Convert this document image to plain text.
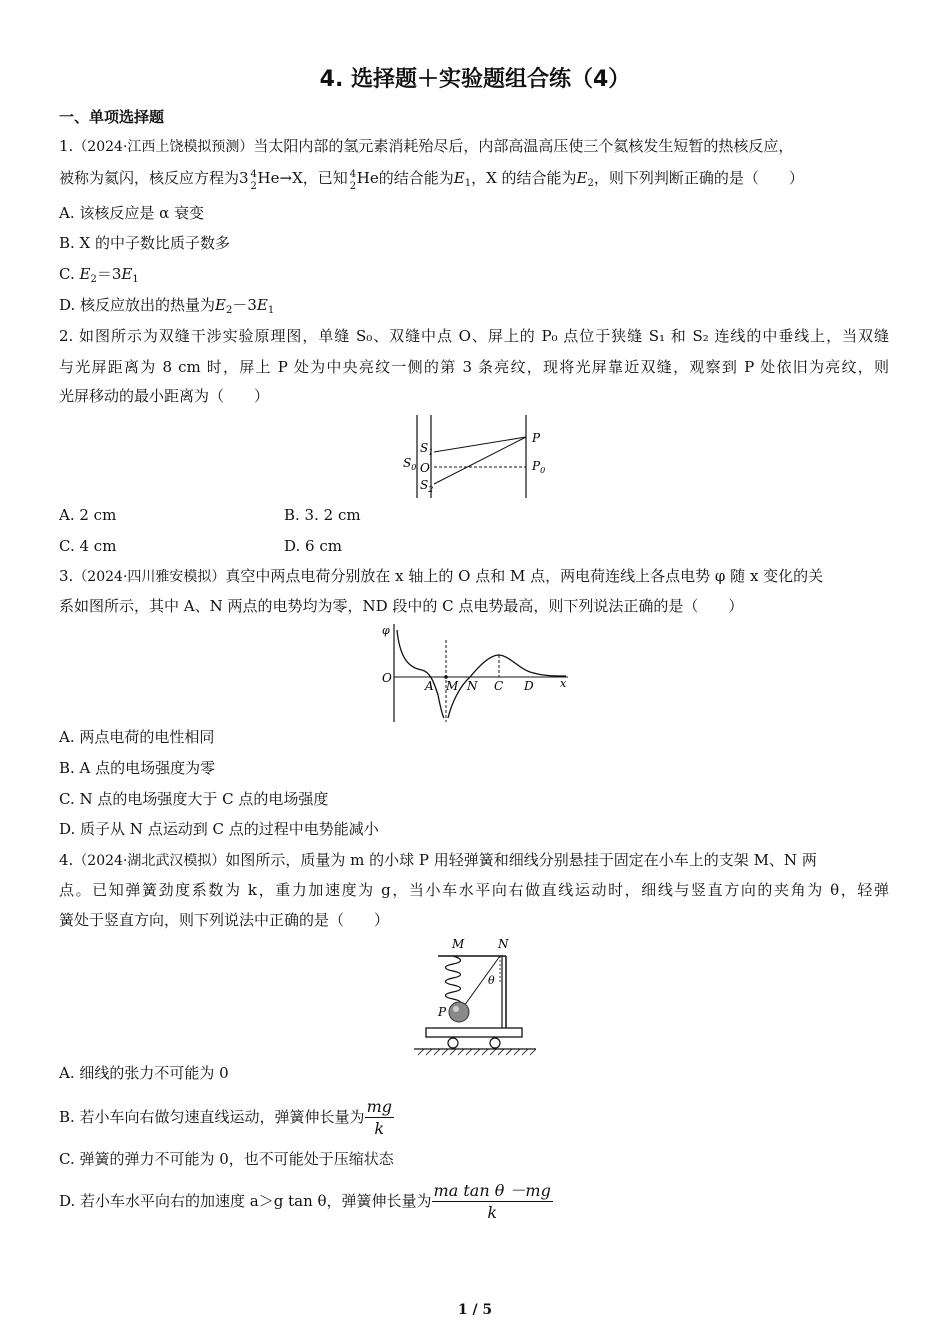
4. 选择题＋实验题组合练（4）
一、单项选择题
1.（2024·江西上饶模拟预测）当太阳内部的氢元素消耗殆尽后，内部高温高压使三个氦核发生短暂的热核反应，
被称为氦闪，核反应方程为3 4
2 He→X，已知 4
2 He的结合能为$E_1$，X 的结合能为$E_2$，则下列判断正确的是（　　）
A. 该核反应是 α 衰变
B. X 的中子数比质子数多
C. $E_2=3E_1$
D. 核反应放出的热量为$E_2-3E_1$
2. 如图所示为双缝干涉实验原理图，单缝 S₀、双缝中点 O、屏上的 P₀ 点位于狭缝 S₁ 和 S₂ 连线的中垂线上，当双缝
与光屏距离为 8 cm 时，屏上 P 处为中央亮纹一侧的第 3 条亮纹，现将光屏靠近双缝，观察到 P 处依旧为亮纹，则
光屏移动的最小距离为（　　）
$S_1$
O
$S_2$
$S_0$
P
$P_0$
A. 2 cm	B. 3. 2 cm
C. 4 cm	D. 6 cm
3.（2024·四川雅安模拟）真空中两点电荷分别放在 x 轴上的 O 点和 M 点，两电荷连线上各点电势 φ 随 x 变化的关
系如图所示，其中 A、N 两点的电势均为零，ND 段中的 C 点电势最高，则下列说法正确的是（　　）
φ
O
A M N C D x
A. 两点电荷的电性相同
B. A 点的电场强度为零
C. N 点的电场强度大于 C 点的电场强度
D. 质子从 N 点运动到 C 点的过程中电势能减小
4.（2024·湖北武汉模拟）如图所示，质量为 m 的小球 P 用轻弹簧和细线分别悬挂于固定在小车上的支架 M、N 两
点。已知弹簧劲度系数为 k，重力加速度为 g，当小车水平向右做直线运动时，细线与竖直方向的夹角为 θ，轻弹
簧处于竖直方向，则下列说法中正确的是（　　）
M	N
P
θ
A. 细线的张力不可能为 0
B. 若小车向右做匀速直线运动，弹簧伸长量为 $\frac{mg}{k}$
C. 弹簧的弹力不可能为 0，也不可能处于压缩状态
D. 若小车水平向右的加速度 a＞g tan θ，弹簧伸长量为 $\frac{\text{ma tan θ －mg}}{k}$
1 / 5
